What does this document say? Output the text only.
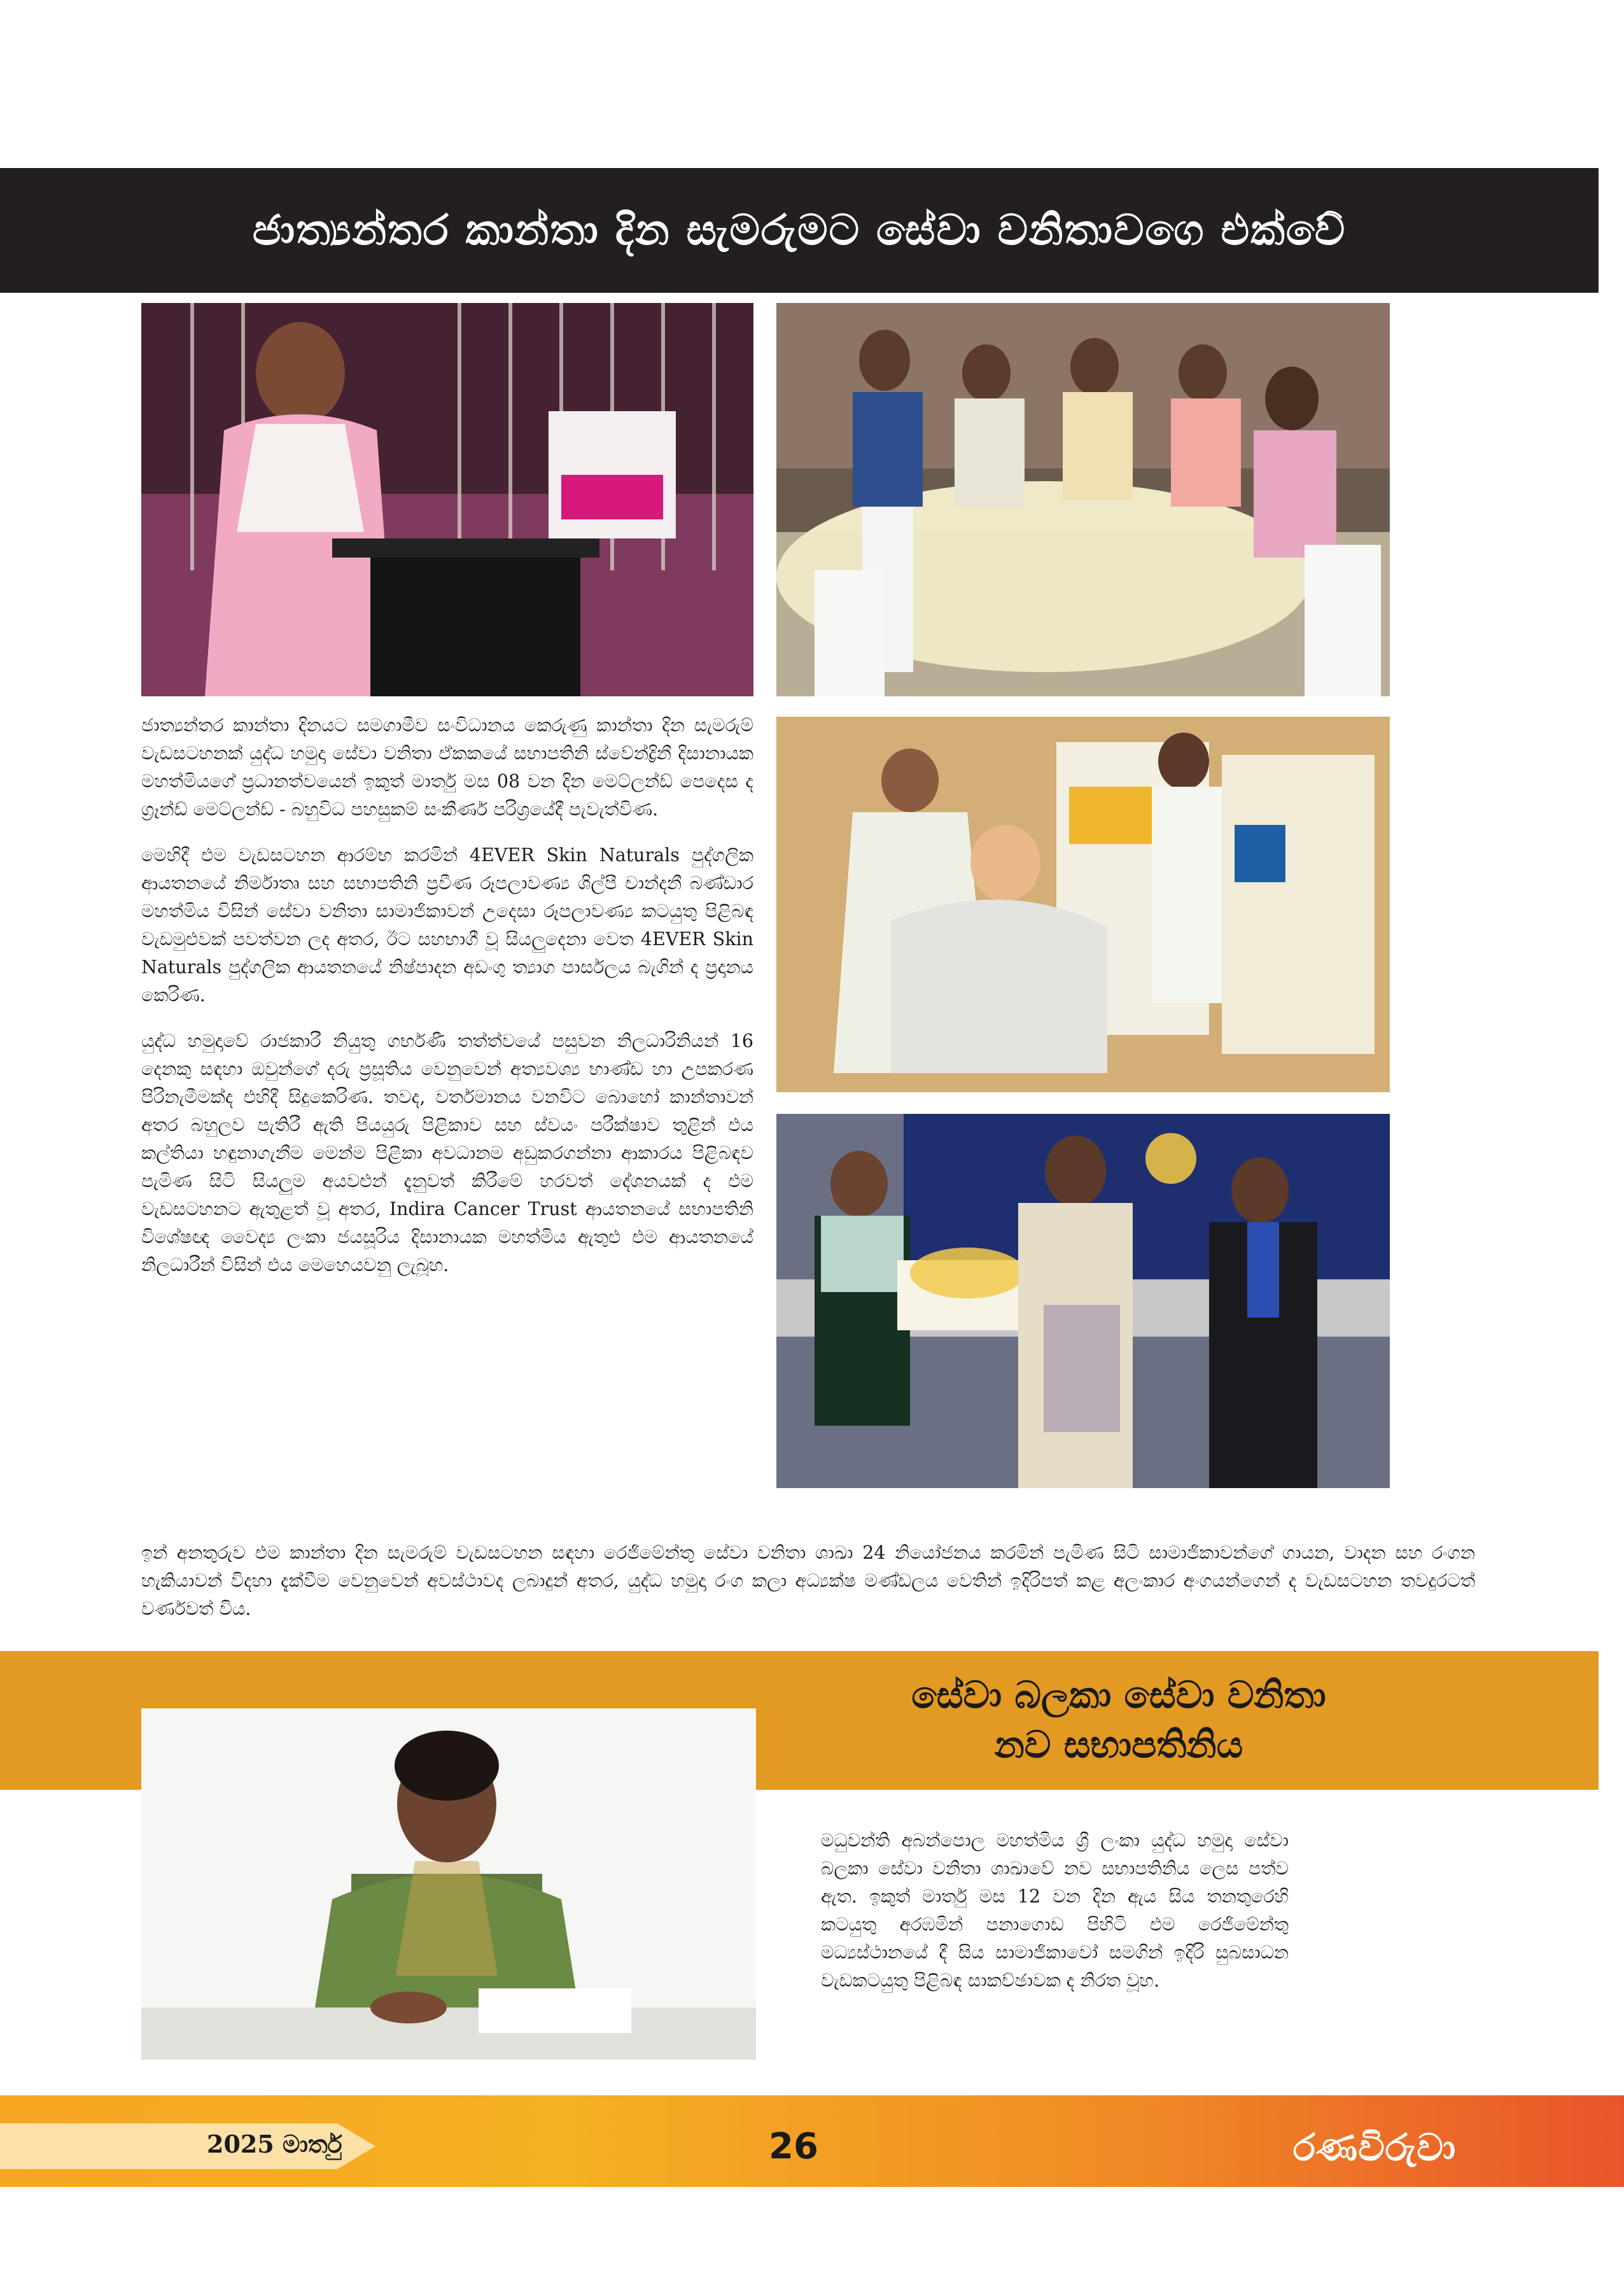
ජාත්‍යන්තර කාන්තා දින සැමරුමට සේවා වනිතාවගෙ එක්වේ

ජාත්‍යන්තර කාන්තා දිනයට සමගාමීව සංවිධානය කෙරුණු කාන්තා දින සැමරුම් වැඩසටහනක් යුද්ධ හමුදා සේවා වනිතා ඒකකයේ සභාපතිනි ස්වේන්ද්‍රිනී දිසානායක මහත්මියගේ ප්‍රධානත්වයෙන් ඉකුත් මාර්තු මස 08 වන දින මෙට්ලන්ඩ් පෙදෙස ද ග්‍රෑන්ඩ් මෙට්ලන්ඩ් - බහුවිධ පහසුකම් සංකීර්ණ පරිශ්‍රයේදී පැවැත්විණ.

මෙහිදී එම වැඩසටහන ආරම්භ කරමින් 4EVER Skin Naturals පුද්ගලික ආයතනයේ නිර්මාතෘ සහ සභාපතිනි ප්‍රවීණ රූපලාවණ්‍ය ශිල්පී චාන්දනී බණ්ඩාර මහත්මිය විසින් සේවා වනිතා සාමාජිකාවන් උදෙසා රූපලාවණ්‍ය කටයුතු පිළිබඳ වැඩමුළුවක් පවත්වන ලද අතර, ඊට සහභාගී වූ සියලුදෙනා වෙත 4EVER Skin Naturals පුද්ගලික ආයතනයේ නිෂ්පාදන අඩංගු ත්‍යාග පාර්සලය බැගින් ද ප්‍රදානය කෙරිණ.

යුද්ධ හමුදාවේ රාජකාරී නියුතු ගර්භණී තත්ත්වයේ පසුවන නිලධාරිනියන් 16 දෙනකු සඳහා ඔවුන්ගේ දරු ප්‍රසූතිය වෙනුවෙන් අත්‍යවශ්‍ය භාණ්ඩ හා උපකරණ පිරිනැමීමක්ද එහිදී සිදුකෙරිණ. තවද, වර්තමානය වනවිට බොහෝ කාන්තාවන් අතර බහුලව පැතිරී ඇති පියයුරු පිළිකාව සහ ස්වයං පරීක්ෂාව තුළින් එය කල්තියා හඳුනාගැනීම මෙන්ම පිළිකා අවධානම අඩුකරගන්නා ආකාරය පිළිබඳව පැමිණ සිටි සියලුම අයවළුන් දැනුවත් කිරීමේ හරවත් දේශනයක් ද එම වැඩසටහනට ඇතුළත් වූ අතර, Indira Cancer Trust ආයතනයේ සභාපතිනි විශේෂඥ වෛද්‍ය ලංකා ජයසූරිය දිසානායක මහත්මිය ඇතුළු එම ආයතනයේ නිලධාරීන් විසින් එය මෙහෙයවනු ලැබූහ.

ඉන් අනතුරුව එම කාන්තා දින සැමරුම් වැඩසටහන සඳහා රෙජිමේන්තු සේවා වනිතා ශාඛා 24 නියෝජනය කරමින් පැමිණ සිටි සාමාජිකාවන්ගේ ගායන, වාදන සහ රංගන හැකියාවන් විදහා දැක්වීම වෙනුවෙන් අවස්ථාවද ලබාදුන් අතර, යුද්ධ හමුදා රංග කලා අධ්‍යක්ෂ මණ්ඩලය වෙතින් ඉදිරිපත් කළ අලංකාර අංගයන්ගෙන් ද වැඩසටහන තවදුරටත් වර්ණවත් විය.

සේවා බලකා සේවා වනිතා
නව සභාපතිනිය

මධුවන්ති අබන්පොල මහත්මිය ශ්‍රී ලංකා යුද්ධ හමුදා සේවා බලකා සේවා වනිතා ශාඛාවේ නව සභාපතිනිය ලෙස පත්ව ඇත. ඉකුත් මාර්තු මස 12 වන දින ඇය සිය තනතුරෙහි කටයුතු අරඹමින් පනාගොඩ පිහිටි එම රෙජිමේන්තු මධ්‍යස්ථානයේ දී සිය සාමාජිකාවෝ සමගින් ඉදිරි සුබසාධන වැඩකටයුතු පිළිබඳ සාකච්ඡාවක ද නිරත වූහ.

2025 මාර්තු	26	රණවිරුවා
